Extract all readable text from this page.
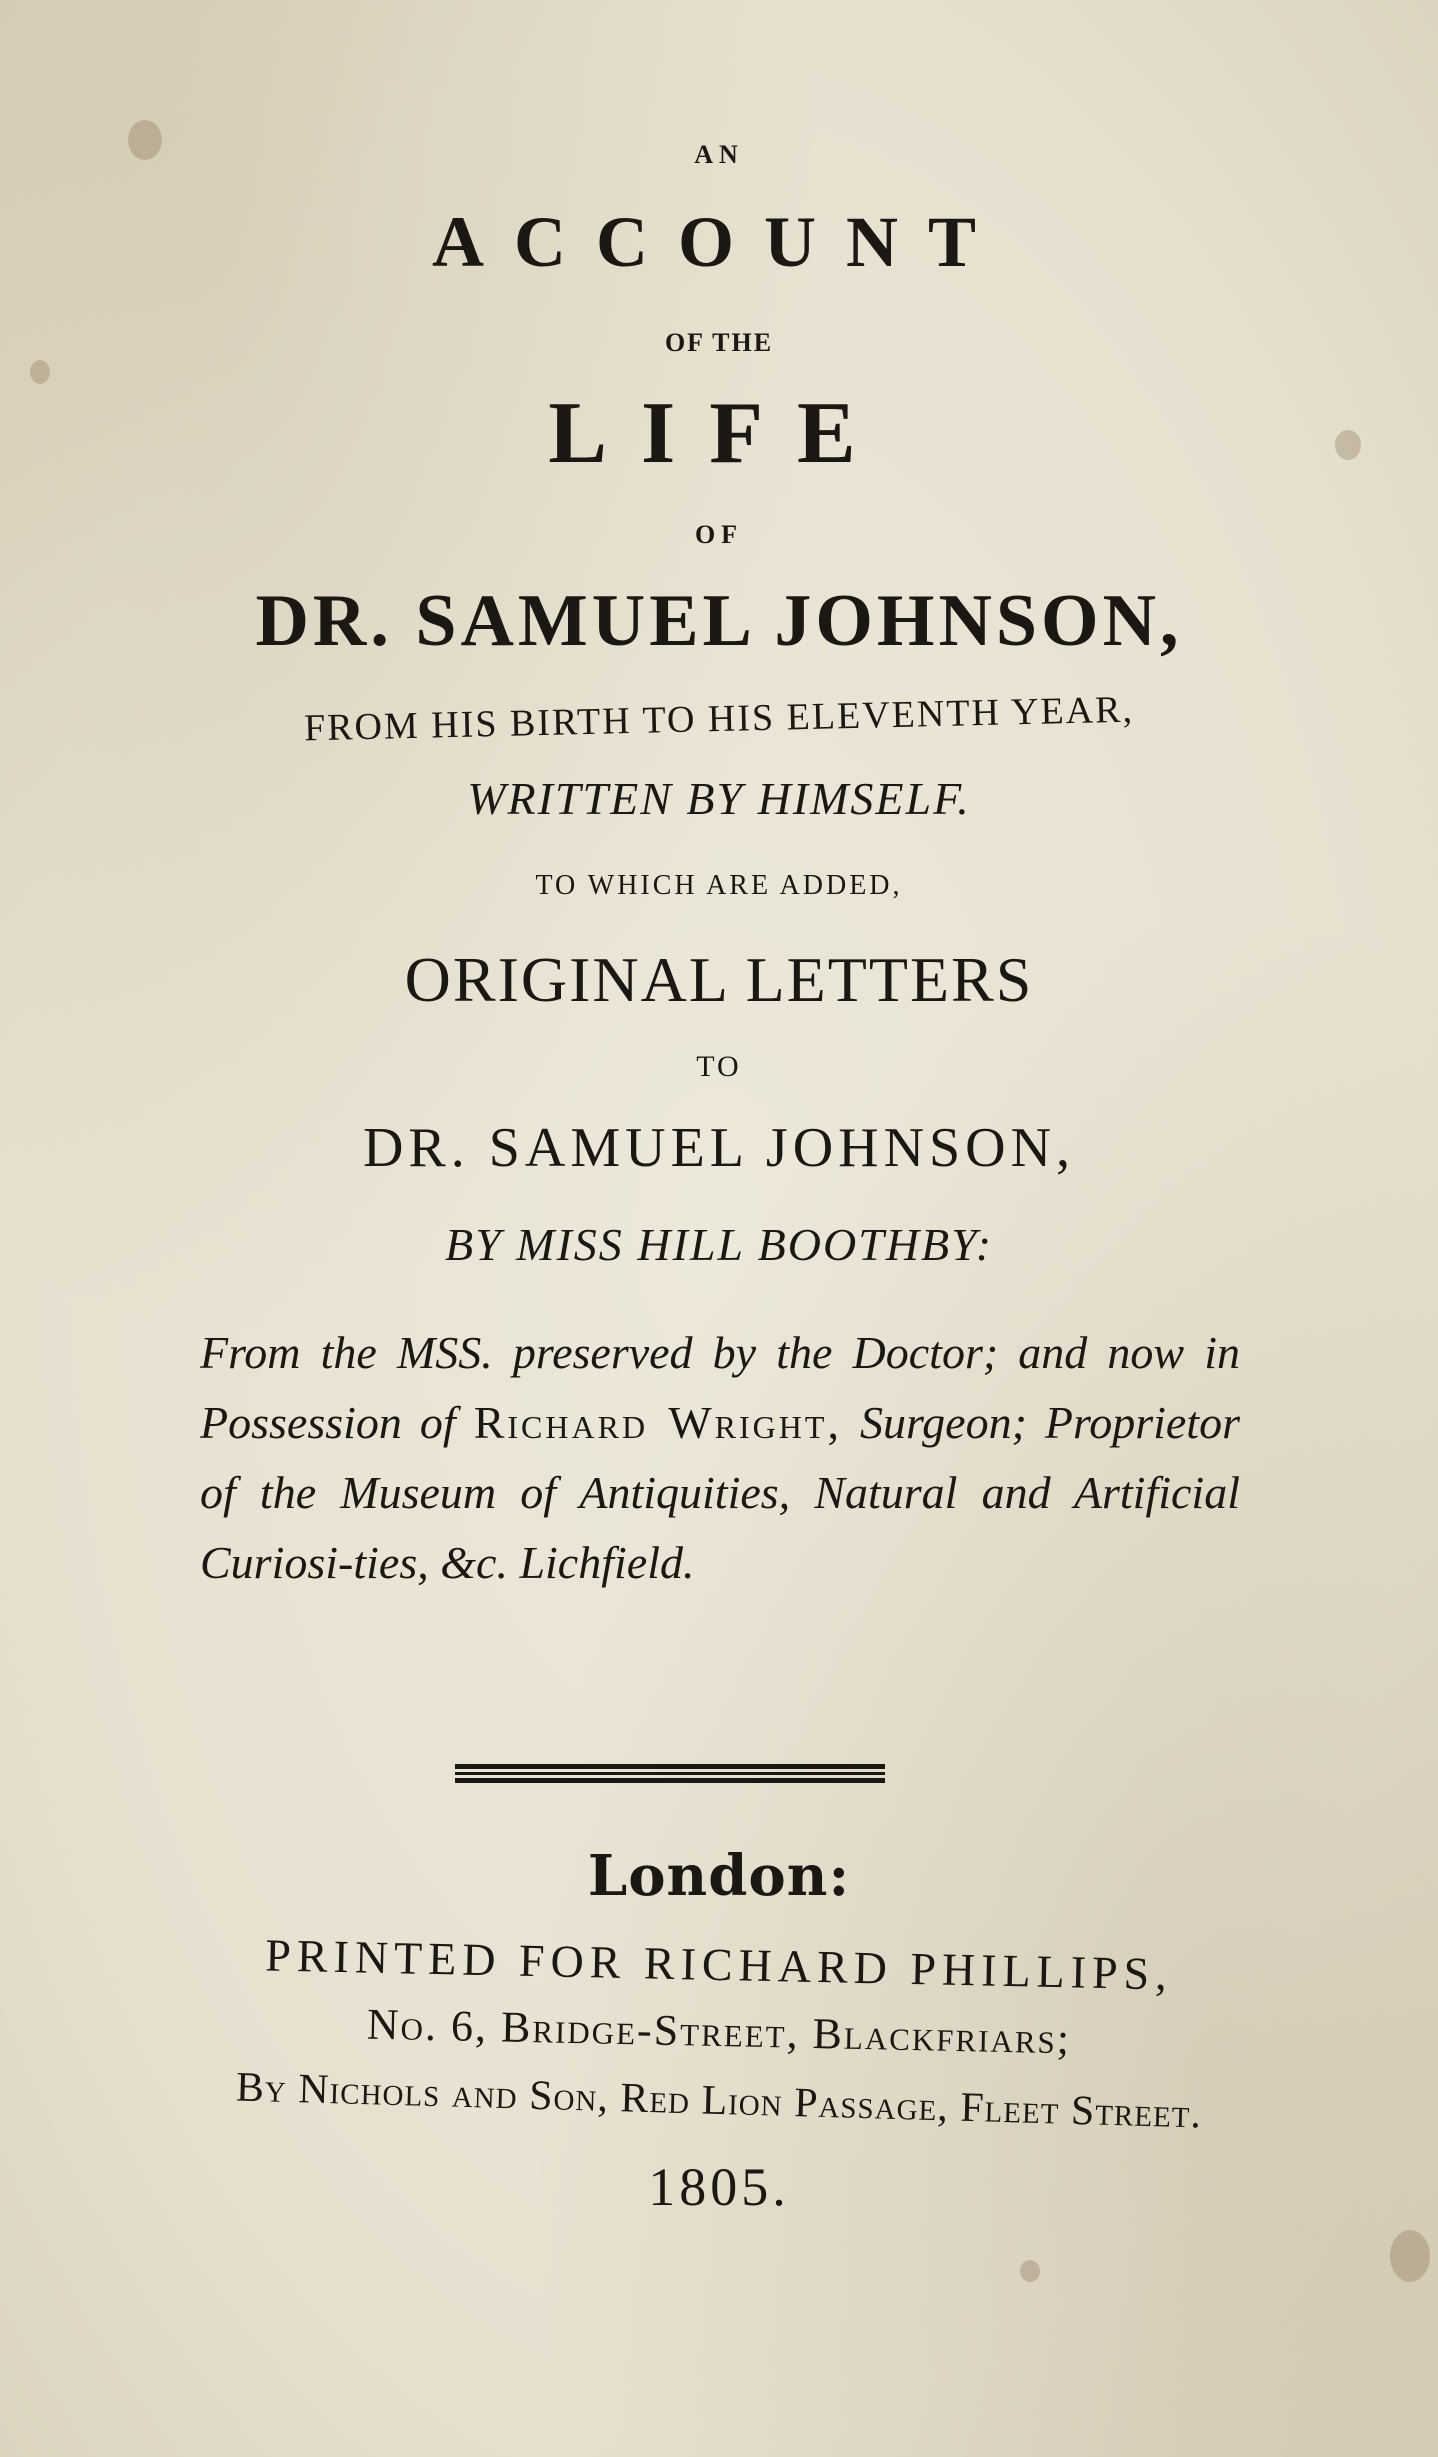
AN
ACCOUNT
OF THE
LIFE
OF
DR. SAMUEL JOHNSON,
FROM HIS BIRTH TO HIS ELEVENTH YEAR,
WRITTEN BY HIMSELF.
TO WHICH ARE ADDED,
ORIGINAL LETTERS
TO
DR. SAMUEL JOHNSON,
BY MISS HILL BOOTHBY:
From the MSS. preserved by the Doctor; and now in Possession of Richard Wright, Surgeon; Proprietor of the Museum of Antiquities, Natural and Artificial Curiosi-ties, &c. Lichfield.
London:
PRINTED FOR RICHARD PHILLIPS,
No. 6, Bridge-Street, Blackfriars;
By Nichols and Son, Red Lion Passage, Fleet Street.
1805.
